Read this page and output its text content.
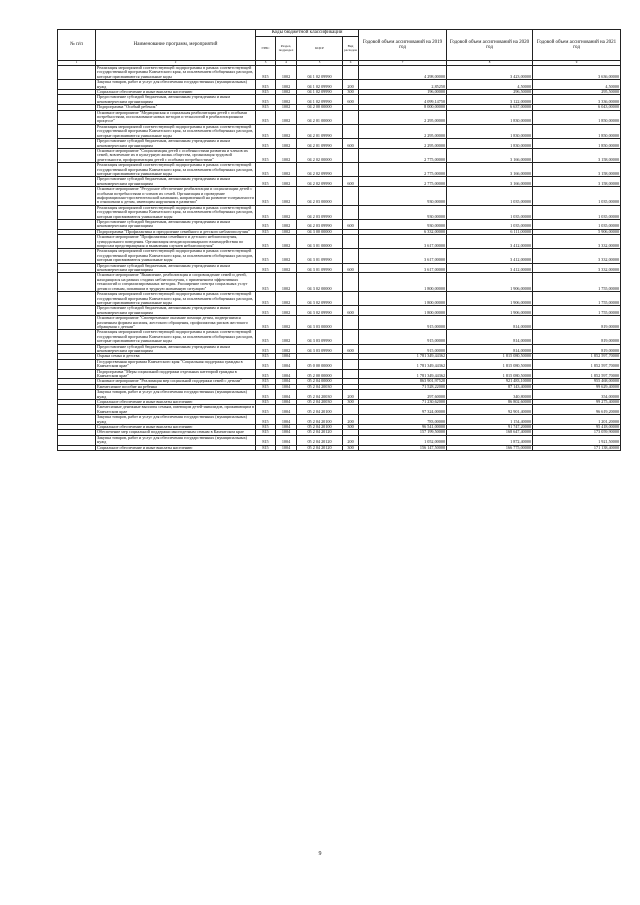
№ п/п	Наименование программ, мероприятий	Коды бюджетной классификации				Годовой объем ассигнований на 2019 год	Годовой объем ассигнований на 2020 год	Годовой объем ассигнований на 2021 год
		ГРБС	Раздел, подраздел	КЦСР	Вид расходов			
1	2	3	4	5	6	7	8	9
	Реализация мероприятий соответствующей подпрограммы в рамках соответствующей государственной программы Камчатского края, за исключением обобщенных расходов, которые присваиваются уникальные коды	815	1002	04 1 02 09990		4 298,00000	3 423,00000	3 636,00000
	Закупка товаров, работ и услуг для обеспечения государственных (муниципальных) нужд	815	1002	04 1 02 09990	200	2,85250	4,50000	4,50000
	Социальное обеспечение и иные выплаты населению	815	1002	04 1 02 09990	300	196,00000	296,50000	295,50000
	Предоставление субсидий бюджетным, автономным учреждениям и иным некоммерческим организациям	815	1002	04 1 02 09990	600	4 099,14750	3 122,00000	3 336,00000
	Подпрограмма "Особый ребенок"	815	1002	04 2 00 00000		8 000,00000	6 637,00000	6 043,00000
	Основное мероприятие "Медицинская и социальная реабилитация детей с особыми потребностями, использование новых методов и технологий в реабилитационном процессе"	815	1002	04 2 01 00000		2 295,00000	1 830,00000	1 850,00000
	Реализация мероприятий соответствующей подпрограммы в рамках соответствующей государственной программы Камчатского края, за исключением обобщенных расходов, которые присваиваются уникальные коды	815	1002	04 2 01 09990		2 295,00000	1 830,00000	1 850,00000
	Предоставление субсидий бюджетным, автономным учреждениям и иным некоммерческим организациям	815	1002	04 2 01 09990	600	2 295,00000	1 830,00000	1 850,00000
	Основное мероприятие "Социализация детей с особенностями развития и членов их семей, вовлечение их в культурную жизнь общества, организация трудовой деятельности, профориентация детей с особыми потребностями"	815	1002	04 2 02 00000		2 775,00000	3 166,00000	3 158,00000
	Реализация мероприятий соответствующей подпрограммы в рамках соответствующей государственной программы Камчатского края, за исключением обобщенных расходов, которые присваиваются уникальные коды	815	1002	04 2 02 09990		2 775,00000	3 166,00000	3 158,00000
	Предоставление субсидий бюджетным, автономным учреждениям и иным некоммерческим организациям	815	1002	04 2 02 09990	600	2 775,00000	3 166,00000	3 158,00000
	Основное мероприятие "Ресурсное обеспечение реабилитации и социализации детей с особыми потребностями и членов их семей. Организация и проведение информационно-просветительской кампании, направленной на развитие толерантности в отношении к детям, имеющим нарушения в развитии"	815	1002	04 2 03 00000		930,00000	1 035,00000	1 035,00000
	Реализация мероприятий соответствующей подпрограммы в рамках соответствующей государственной программы Камчатского края, за исключением обобщенных расходов, которым присваиваются уникальные коды	815	1002	04 2 03 09990		930,00000	1 035,00000	1 035,00000
	Предоставление субсидий бюджетным, автономным учреждениям и иным некоммерческим организациям	815	1002	04 2 03 09990	600	930,00000	1 035,00000	1 035,00000
	Подпрограмма "Профилактика и преодоление семейного и детского неблагополучия"	815	1002	04 3 00 00000		6 332,00000	6 111,00000	5 906,00000
	Основное мероприятие "Профилактика семейного и детского неблагополучия, суицидального поведения. Организация междисциплинарного взаимодействия по вопросам предотвращения и выявления случаев неблагополучия"	815	1002	04 3 01 00000		3 617,00000	3 412,00000	3 332,00000
	Реализация мероприятий соответствующей подпрограммы в рамках соответствующей государственной программы Камчатского края, за исключением обобщенных расходов, которым присваиваются уникальные коды	815	1002	04 3 01 09990		3 617,00000	3 412,00000	3 332,00000
	Предоставление субсидий бюджетным, автономным учреждениям и иным некоммерческим организациям	815	1002	04 3 01 09990	600	3 617,00000	3 412,00000	3 332,00000
	Основное мероприятие "Выявление, реабилитация и сопровождение семей и детей, находящихся на разных стадиях неблагополучия, с применением эффективных технологий и специализированных методик. Расширение спектра социальных услуг детям и семьям, попавшим в трудную жизненную ситуацию"	815	1002	04 3 02 00000		1 800,00000	1 906,00000	1 755,00000
	Реализация мероприятий соответствующей подпрограммы в рамках соответствующей государственной программы Камчатского края, за исключением обобщенных расходов, которые присваиваются уникальные коды	815	1002	04 3 02 09990		1 800,00000	1 906,00000	1 755,00000
	Предоставление субсидий бюджетным, автономным учреждениям и иным некоммерческим организациям	815	1002	04 3 02 09990	600	1 800,00000	1 906,00000	1 755,00000
	Основное мероприятие "Своевременное оказание помощи детям, подвергшимся различным формам насилия, жестокого обращения, профилактика рисков жестокого обращения с детьми"	815	1002	04 3 03 00000		915,00000	814,00000	819,00000
	Реализация мероприятий соответствующей подпрограммы в рамках соответствующей государственной программы Камчатского края, за исключением обобщенных расходов, которые присваиваются уникальные коды	815	1002	04 3 03 09990		915,00000	814,00000	819,00000
	Предоставление субсидий бюджетным, автономным учреждениям и иным некоммерческим организациям	815	1002	04 3 03 09990	600	915,00000	814,00000	819,00000
	Охрана семьи и детства	815	1004			1 781 349,44362	1 815 080,50000	1 852 597,70000
	Государственная программа Камчатского края "Социальная поддержка граждан в Камчатском крае"	815	1004	05 0 00 00000		1 781 349,44362	1 815 080,50000	1 852 597,70000
	Подпрограмма "Меры социальной поддержки отдельных категорий граждан в Камчатском крае"	815	1004	05 2 00 00000		1 781 349,44362	1 815 080,50000	1 852 597,70000
	Основное мероприятие "Реализация мер социальной поддержки семей с детьми"	815	1004	05 2 04 00000		863 901,97520	921 483,10000	955 468,00000
	Ежемесячное пособие на ребенка	815	1004	05 2 04 20030		71 528,22000	87 143,40000	99 629,40000
	Закупка товаров, работ и услуг для обеспечения государственных (муниципальных) нужд	815	1004	05 2 04 20030	200	297,60000	340,80000	354,00000
	Социальное обеспечение и иные выплаты населению	815	1004	05 2 04 20030	300	71 230,62000	86 802,60000	99 275,40000
	Ежемесячные денежные выплаты семьям, имеющим детей-инвалидов, проживающим в Камчатском крае	815	1004	05 2 04 20100		97 324,00000	92 901,40000	96 619,20000
	Закупка товаров, работ и услуг для обеспечения государственных (муниципальных) нужд	815	1004	05 2 04 20100	200	783,00000	1 154,40000	1 201,20000
	Социальное обеспечение и иные выплаты населению	815	1004	05 2 04 20100	300	96 541,00000	91 747,20000	95 418,00000
	Обеспечение мер социальной поддержки многодетным семьям в Камчатском крае	815	1004	05 2 04 20120		157 199,50000	168 647,40000	173 059,90000
	Закупка товаров, работ и услуг для обеспечения государственных (муниципальных) нужд	815	1004	05 2 04 20120	200	1 052,00000	1 872,40000	1 921,50000
	Социальное обеспечение и иные выплаты населению	815	1004	05 2 04 20120	300	156 147,50000	166 775,00000	171 138,40000
9
